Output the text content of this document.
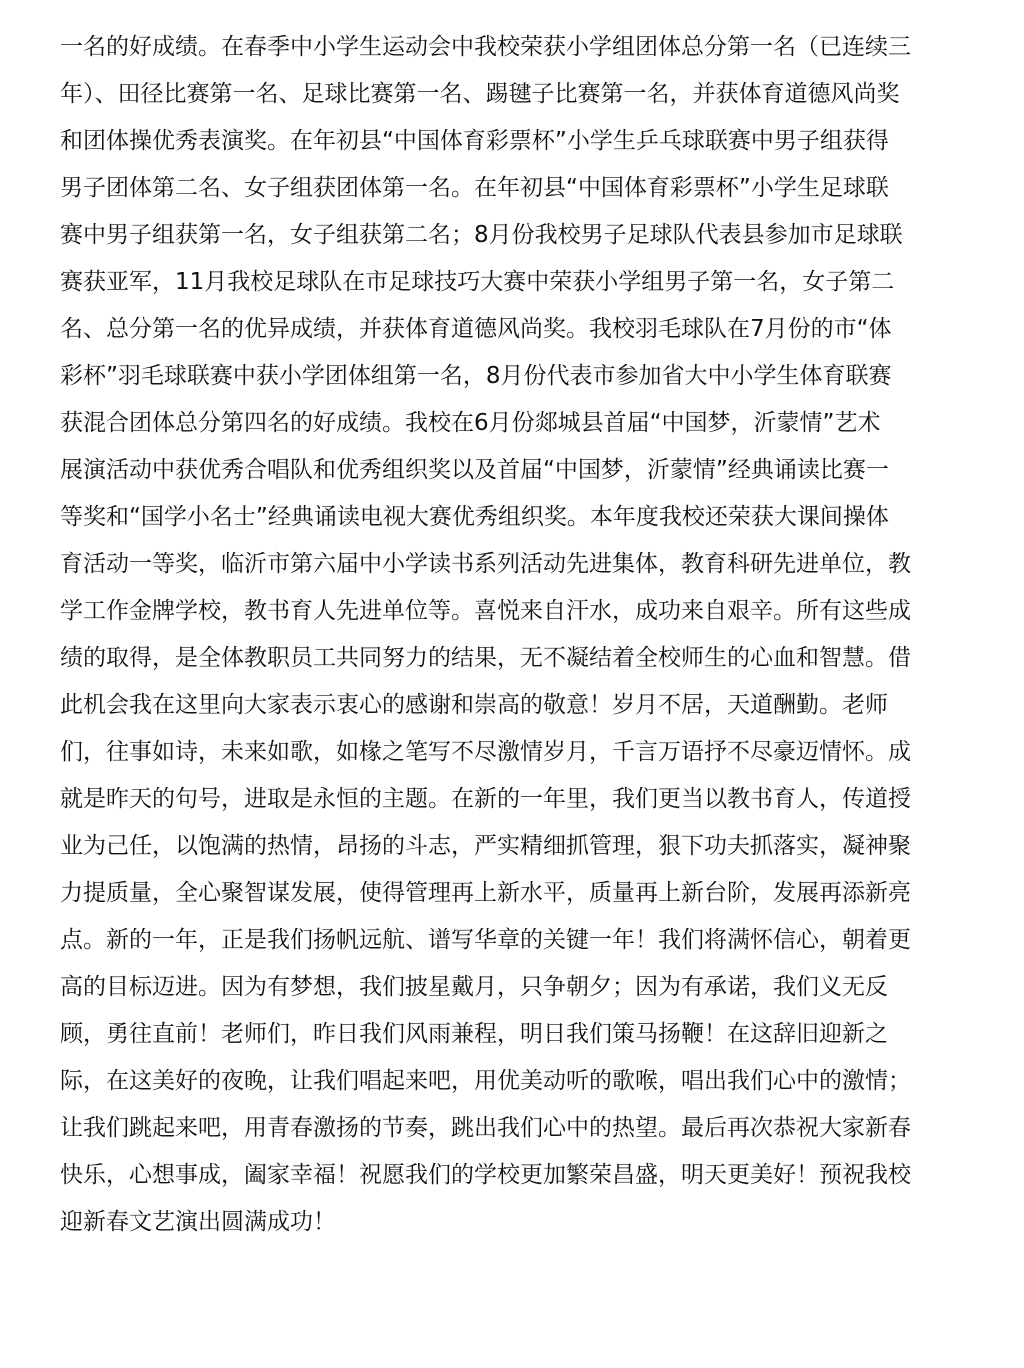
一名的好成绩。在春季中小学生运动会中我校荣获小学组团体总分第一名（已连续三
年）、田径比赛第一名、足球比赛第一名、踢毽子比赛第一名，并获体育道德风尚奖
和团体操优秀表演奖。在年初县“中国体育彩票杯”小学生乒乓球联赛中男子组获得
男子团体第二名、女子组获团体第一名。在年初县“中国体育彩票杯”小学生足球联
赛中男子组获第一名，女子组获第二名；8月份我校男子足球队代表县参加市足球联
赛获亚军，11月我校足球队在市足球技巧大赛中荣获小学组男子第一名，女子第二
名、总分第一名的优异成绩，并获体育道德风尚奖。我校羽毛球队在7月份的市“体
彩杯”羽毛球联赛中获小学团体组第一名，8月份代表市参加省大中小学生体育联赛
获混合团体总分第四名的好成绩。我校在6月份郯城县首届“中国梦，沂蒙情”艺术
展演活动中获优秀合唱队和优秀组织奖以及首届“中国梦，沂蒙情”经典诵读比赛一
等奖和“国学小名士”经典诵读电视大赛优秀组织奖。本年度我校还荣获大课间操体
育活动一等奖，临沂市第六届中小学读书系列活动先进集体，教育科研先进单位，教
学工作金牌学校，教书育人先进单位等。喜悦来自汗水，成功来自艰辛。所有这些成
绩的取得，是全体教职员工共同努力的结果，无不凝结着全校师生的心血和智慧。借
此机会我在这里向大家表示衷心的感谢和崇高的敬意！岁月不居，天道酬勤。老师
们，往事如诗，未来如歌，如椽之笔写不尽激情岁月，千言万语抒不尽豪迈情怀。成
就是昨天的句号，进取是永恒的主题。在新的一年里，我们更当以教书育人，传道授
业为己任，以饱满的热情，昂扬的斗志，严实精细抓管理，狠下功夫抓落实，凝神聚
力提质量，全心聚智谋发展，使得管理再上新水平，质量再上新台阶，发展再添新亮
点。新的一年，正是我们扬帆远航、谱写华章的关键一年！我们将满怀信心，朝着更
高的目标迈进。因为有梦想，我们披星戴月，只争朝夕；因为有承诺，我们义无反
顾，勇往直前！老师们，昨日我们风雨兼程，明日我们策马扬鞭！在这辞旧迎新之
际，在这美好的夜晚，让我们唱起来吧，用优美动听的歌喉，唱出我们心中的激情；
让我们跳起来吧，用青春激扬的节奏，跳出我们心中的热望。最后再次恭祝大家新春
快乐，心想事成，阖家幸福！祝愿我们的学校更加繁荣昌盛，明天更美好！预祝我校
迎新春文艺演出圆满成功！
